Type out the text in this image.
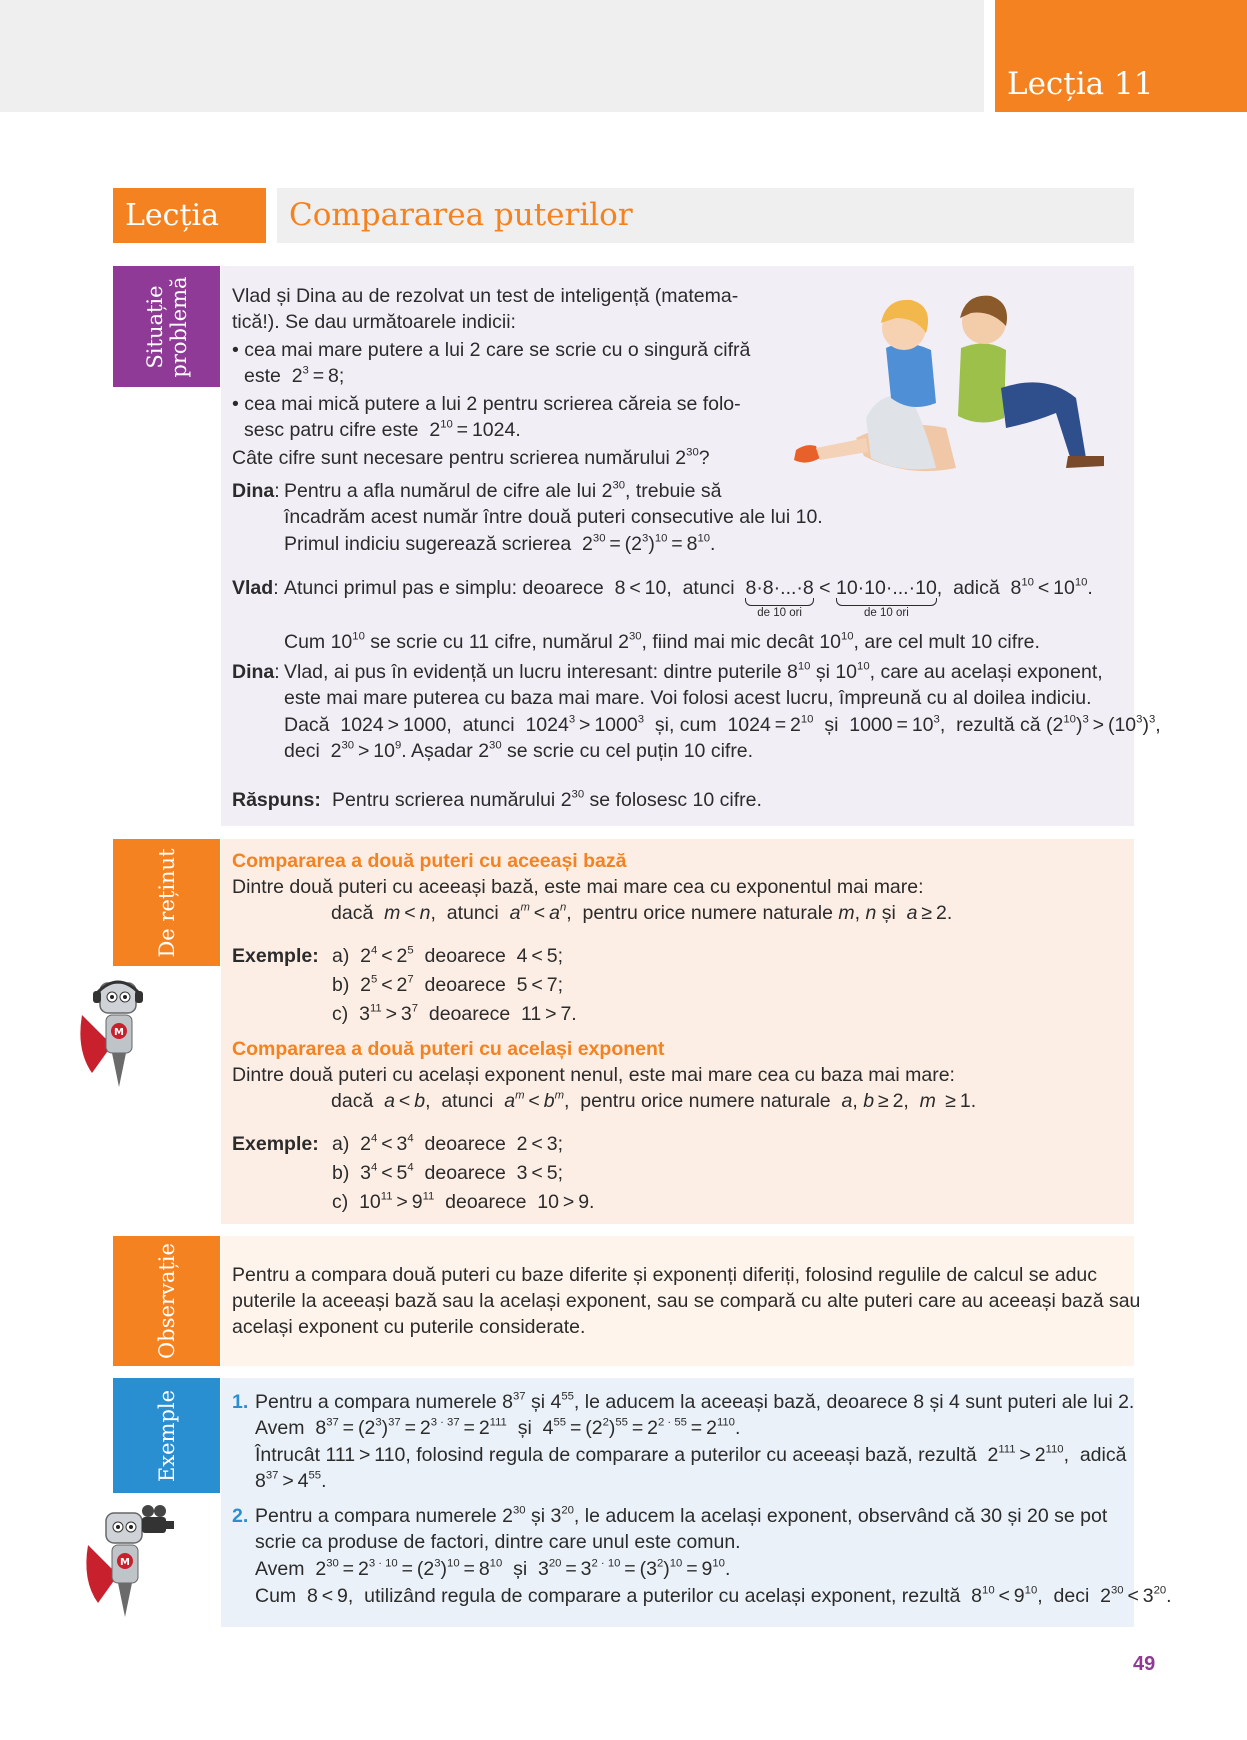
Lecția 11
Lecția	Compararea puterilor
Situație
problemă Vlad și Dina au de rezolvat un test de inteligență (matema-
tică!). Se dau următoarele indicii:
• cea mai mare putere a lui 2 care se scrie cu o singură cifră
este  $2^3 = 8$;
• cea mai mică putere a lui 2 pentru scrierea căreia se folo-
sesc patru cifre este  $2^{10} = 1024$.
Câte cifre sunt necesare pentru scrierea numărului $2^{30}$?
Dina: Pentru a afla numărul de cifre ale lui $2^{30}$, trebuie să
încadrăm acest număr între două puteri consecutive ale lui 10.
Primul indiciu sugerează scrierea  $2^{30} = (2^3)^{10} = 8^{10}$.
Vlad: Atunci primul pas e simplu: deoarece  8 < 10,  atunci 8·8·...·8
de 10 ori
< 10·10·...·10
de 10 ori
,  adică  $8^{10} < 10^{10}$.
Cum $10^{10}$ se scrie cu 11 cifre, numărul $2^{30}$, fiind mai mic decât $10^{10}$, are cel mult 10 cifre.
Dina: Vlad, ai pus în evidență un lucru interesant: dintre puterile $8^{10}$ și $10^{10}$, care au același exponent,
este mai mare puterea cu baza mai mare. Voi folosi acest lucru, împreună cu al doilea indiciu.
Dacă  1024 > 1000,  atunci  $1024^3 > 1000^3$ și, cum  $1024 = 2^{10}$ și  $1000 = 10^3$,  rezultă că $(2^{10})^3 > (10^3)^3$,
deci  $2^{30} > 10^9$. Așadar $2^{30}$ se scrie cu cel puțin 10 cifre.
Răspuns: Pentru scrierea numărului $2^{30}$ se folosesc 10 cifre.
De reținut
M
Compararea a două puteri cu aceeași bază
Dintre două puteri cu aceeași bază, este mai mare cea cu exponentul mai mare:
dacă m < n,  atunci $a^m < a^n$,  pentru orice numere naturale m, n și a ≥ 2.
Exemple: a)  $2^4 < 2^5$ deoarece  4 < 5;
b)  $2^5 < 2^7$ deoarece  5 < 7;
c)  $3^{11} > 3^7$ deoarece  11 > 7.
Compararea a două puteri cu același exponent
Dintre două puteri cu același exponent nenul, este mai mare cea cu baza mai mare:
dacă a < b,  atunci $a^m < b^m$,  pentru orice numere naturale a, b ≥ 2,  m  ≥ 1.
Exemple: a)  $2^4 < 3^4$ deoarece  2 < 3;
b)  $3^4 < 5^4$ deoarece  3 < 5;
c)  $10^{11} > 9^{11}$ deoarece  10 > 9.
Observație	Pentru a compara două puteri cu baze diferite și exponenți diferiți, folosind regulile de calcul se aduc
puterile la aceeași bază sau la același exponent, sau se compară cu alte puteri care au aceeași bază sau
același exponent cu puterile considerate.
Exemple
M
1. Pentru a compara numerele $8^{37}$ și $4^{55}$, le aducem la aceeași bază, deoarece 8 și 4 sunt puteri ale lui 2.
Avem  $8^{37} = (2^3)^{37} = 2^{3 \cdot 37} = 2^{111}$ și  $4^{55} = (2^2)^{55} = 2^{2 \cdot 55} = 2^{110}$.
Întrucât 111 > 110, folosind regula de comparare a puterilor cu aceeași bază, rezultă  $2^{111} > 2^{110}$,  adică
$8^{37} > 4^{55}$.
2. Pentru a compara numerele $2^{30}$ și $3^{20}$, le aducem la același exponent, observând că 30 și 20 se pot
scrie ca produse de factori, dintre care unul este comun.
Avem  $2^{30} = 2^{3 \cdot 10} = (2^3)^{10} = 8^{10}$ și  $3^{20} = 3^{2 \cdot 10} = (3^2)^{10} = 9^{10}$.
Cum  8 < 9,  utilizând regula de comparare a puterilor cu același exponent, rezultă  $8^{10} < 9^{10}$,  deci  $2^{30} < 3^{20}$.
49
